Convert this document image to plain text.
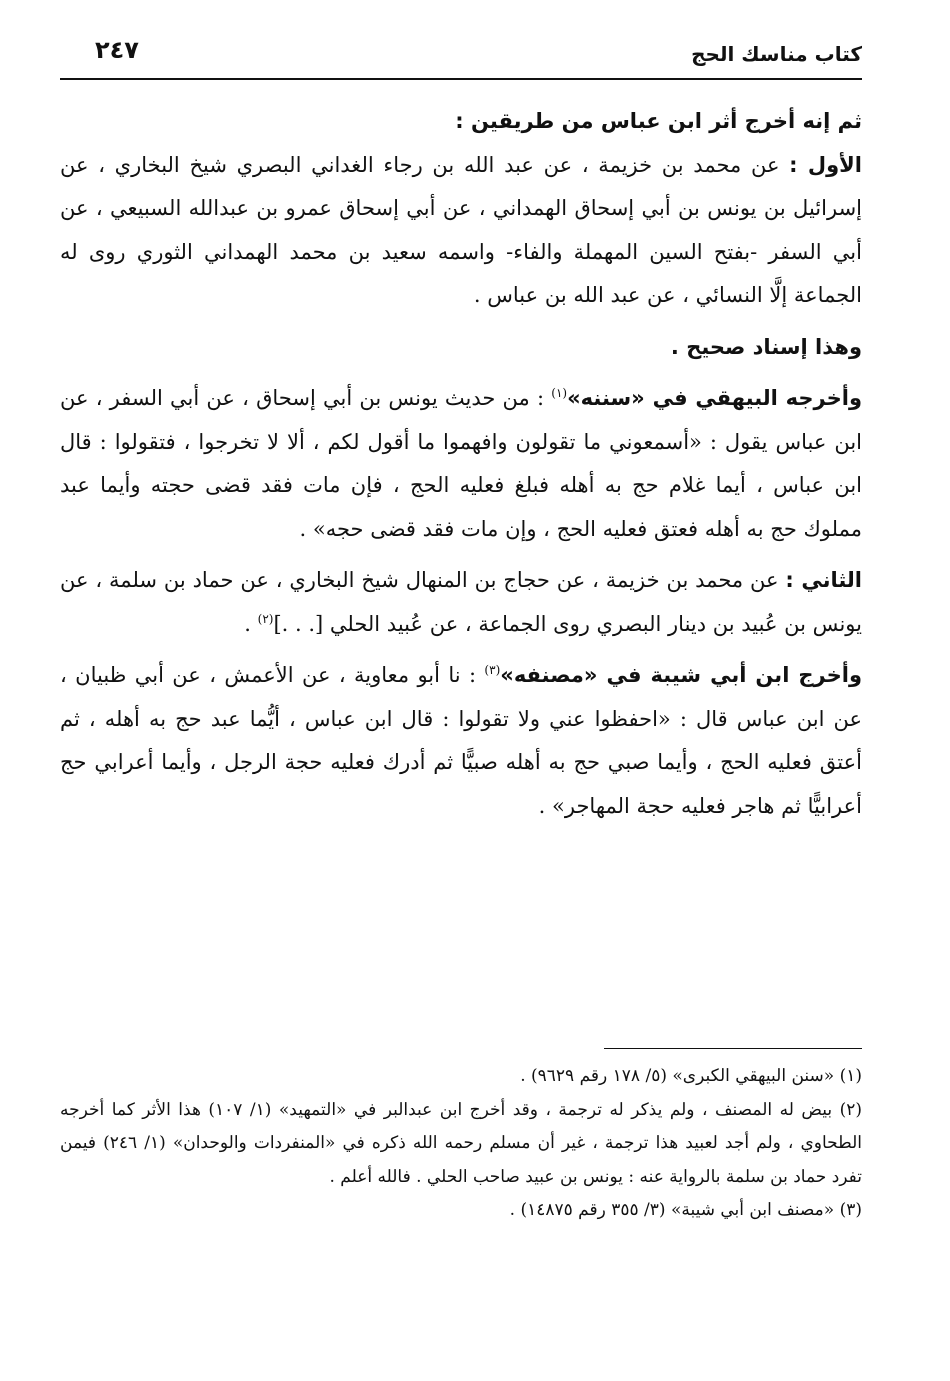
كتاب مناسك الحج
٢٤٧

ثم إنه أخرج أثر ابن عباس من طريقين :

الأول : عن محمد بن خزيمة ، عن عبد الله بن رجاء الغداني البصري شيخ البخاري ، عن إسرائيل بن يونس بن أبي إسحاق الهمداني ، عن أبي إسحاق عمرو بن عبدالله السبيعي ، عن أبي السفر -بفتح السين المهملة والفاء- واسمه سعيد بن محمد الهمداني الثوري روى له الجماعة إلَّا النسائي ، عن عبد الله بن عباس .

وهذا إسناد صحيح .

وأخرجه البيهقي في «سننه»$^{(١)}$ : من حديث يونس بن أبي إسحاق ، عن أبي السفر ، عن ابن عباس يقول : «أسمعوني ما تقولون وافهموا ما أقول لكم ، ألا لا تخرجوا ، فتقولوا : قال ابن عباس ، أيما غلام حج به أهله فبلغ فعليه الحج ، فإن مات فقد قضى حجته وأيما عبد مملوك حج به أهله فعتق فعليه الحج ، وإن مات فقد قضى حجه» .

الثاني : عن محمد بن خزيمة ، عن حجاج بن المنهال شيخ البخاري ، عن حماد بن سلمة ، عن يونس بن عُبيد بن دينار البصري روى الجماعة ، عن عُبيد الحلي [. . .]$^{(٢)}$ .

وأخرج ابن أبي شيبة في «مصنفه»$^{(٣)}$ : نا أبو معاوية ، عن الأعمش ، عن أبي ظبيان ، عن ابن عباس قال : «احفظوا عني ولا تقولوا : قال ابن عباس ، أيُّما عبد حج به أهله ، ثم أعتق فعليه الحج ، وأيما صبي حج به أهله صبيًّا ثم أدرك فعليه حجة الرجل ، وأيما أعرابي حج أعرابيًّا ثم هاجر فعليه حجة المهاجر» .

(١) «سنن البيهقي الكبرى» (٥/ ١٧٨ رقم ٩٦٢٩) .

(٢) بيض له المصنف ، ولم يذكر له ترجمة ، وقد أخرج ابن عبدالبر في «التمهيد» (١/ ١٠٧) هذا الأثر كما أخرجه الطحاوي ، ولم أجد لعبيد هذا ترجمة ، غير أن مسلم رحمه الله ذكره في «المنفردات والوحدان» (١/ ٢٤٦) فيمن تفرد حماد بن سلمة بالرواية عنه : يونس بن عبيد صاحب الحلي . فالله أعلم .

(٣) «مصنف ابن أبي شيبة» (٣/ ٣٥٥ رقم ١٤٨٧٥) .
